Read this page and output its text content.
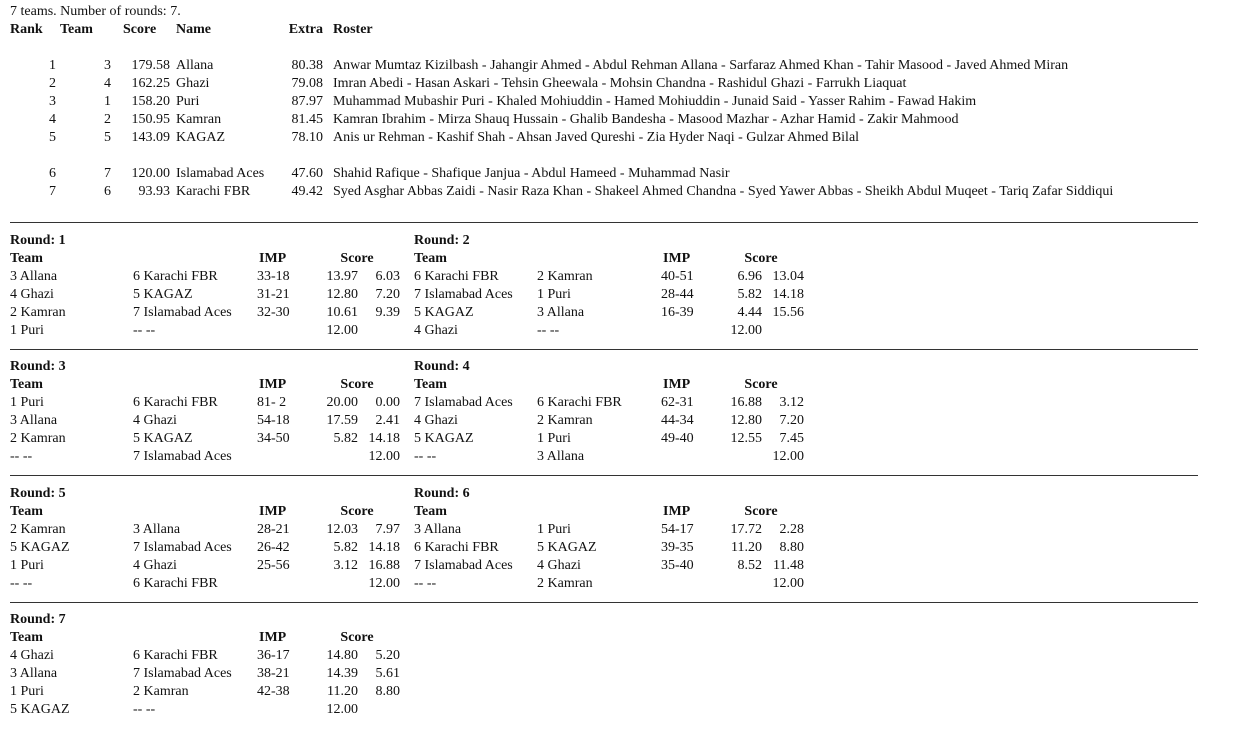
7 teams. Number of rounds: 7.
Rank	Team	Score	Name	Extra	Roster

1	3	179.58	Allana	80.38	Anwar Mumtaz Kizilbash - Jahangir Ahmed - Abdul Rehman Allana - Sarfaraz Ahmed Khan - Tahir Masood - Javed Ahmed Miran
2	4	162.25	Ghazi	79.08	Imran Abedi - Hasan Askari - Tehsin Gheewala - Mohsin Chandna - Rashidul Ghazi - Farrukh Liaquat
3	1	158.20	Puri	87.97	Muhammad Mubashir Puri - Khaled Mohiuddin - Hamed Mohiuddin - Junaid Said - Yasser Rahim - Fawad Hakim
4	2	150.95	Kamran	81.45	Kamran Ibrahim - Mirza Shauq Hussain - Ghalib Bandesha - Masood Mazhar - Azhar Hamid - Zakir Mahmood
5	5	143.09	KAGAZ	78.10	Anis ur Rehman - Kashif Shah - Ahsan Javed Qureshi - Zia Hyder Naqi - Gulzar Ahmed Bilal

6	7	120.00	Islamabad Aces	47.60	Shahid Rafique - Shafique Janjua - Abdul Hameed - Muhammad Nasir
7	6	93.93	Karachi FBR	49.42	Syed Asghar Abbas Zaidi - Nasir Raza Khan - Shakeel Ahmed Chandna - Syed Yawer Abbas - Sheikh Abdul Muqeet - Tariq Zafar Siddiqui
Round: 1				
Team		IMP	Score	
3 Allana	6 Karachi FBR	33-18	13.97	6.03
4 Ghazi	5 KAGAZ	31-21	12.80	7.20
2 Kamran	7 Islamabad Aces	32-30	10.61	9.39
1 Puri	-- --		12.00	
Round: 2				
Team		IMP	Score	
6 Karachi FBR	2 Kamran	40-51	6.96	13.04
7 Islamabad Aces	1 Puri	28-44	5.82	14.18
5 KAGAZ	3 Allana	16-39	4.44	15.56
4 Ghazi	-- --		12.00	
Round: 3				
Team		IMP	Score	
1 Puri	6 Karachi FBR	81- 2	20.00	0.00
3 Allana	4 Ghazi	54-18	17.59	2.41
2 Kamran	5 KAGAZ	34-50	5.82	14.18
-- --	7 Islamabad Aces			12.00
Round: 4				
Team		IMP	Score	
7 Islamabad Aces	6 Karachi FBR	62-31	16.88	3.12
4 Ghazi	2 Kamran	44-34	12.80	7.20
5 KAGAZ	1 Puri	49-40	12.55	7.45
-- --	3 Allana			12.00
Round: 5				
Team		IMP	Score	
2 Kamran	3 Allana	28-21	12.03	7.97
5 KAGAZ	7 Islamabad Aces	26-42	5.82	14.18
1 Puri	4 Ghazi	25-56	3.12	16.88
-- --	6 Karachi FBR			12.00
Round: 6				
Team		IMP	Score	
3 Allana	1 Puri	54-17	17.72	2.28
6 Karachi FBR	5 KAGAZ	39-35	11.20	8.80
7 Islamabad Aces	4 Ghazi	35-40	8.52	11.48
-- --	2 Kamran			12.00
Round: 7				
Team		IMP	Score	
4 Ghazi	6 Karachi FBR	36-17	14.80	5.20
3 Allana	7 Islamabad Aces	38-21	14.39	5.61
1 Puri	2 Kamran	42-38	11.20	8.80
5 KAGAZ	-- --		12.00	
